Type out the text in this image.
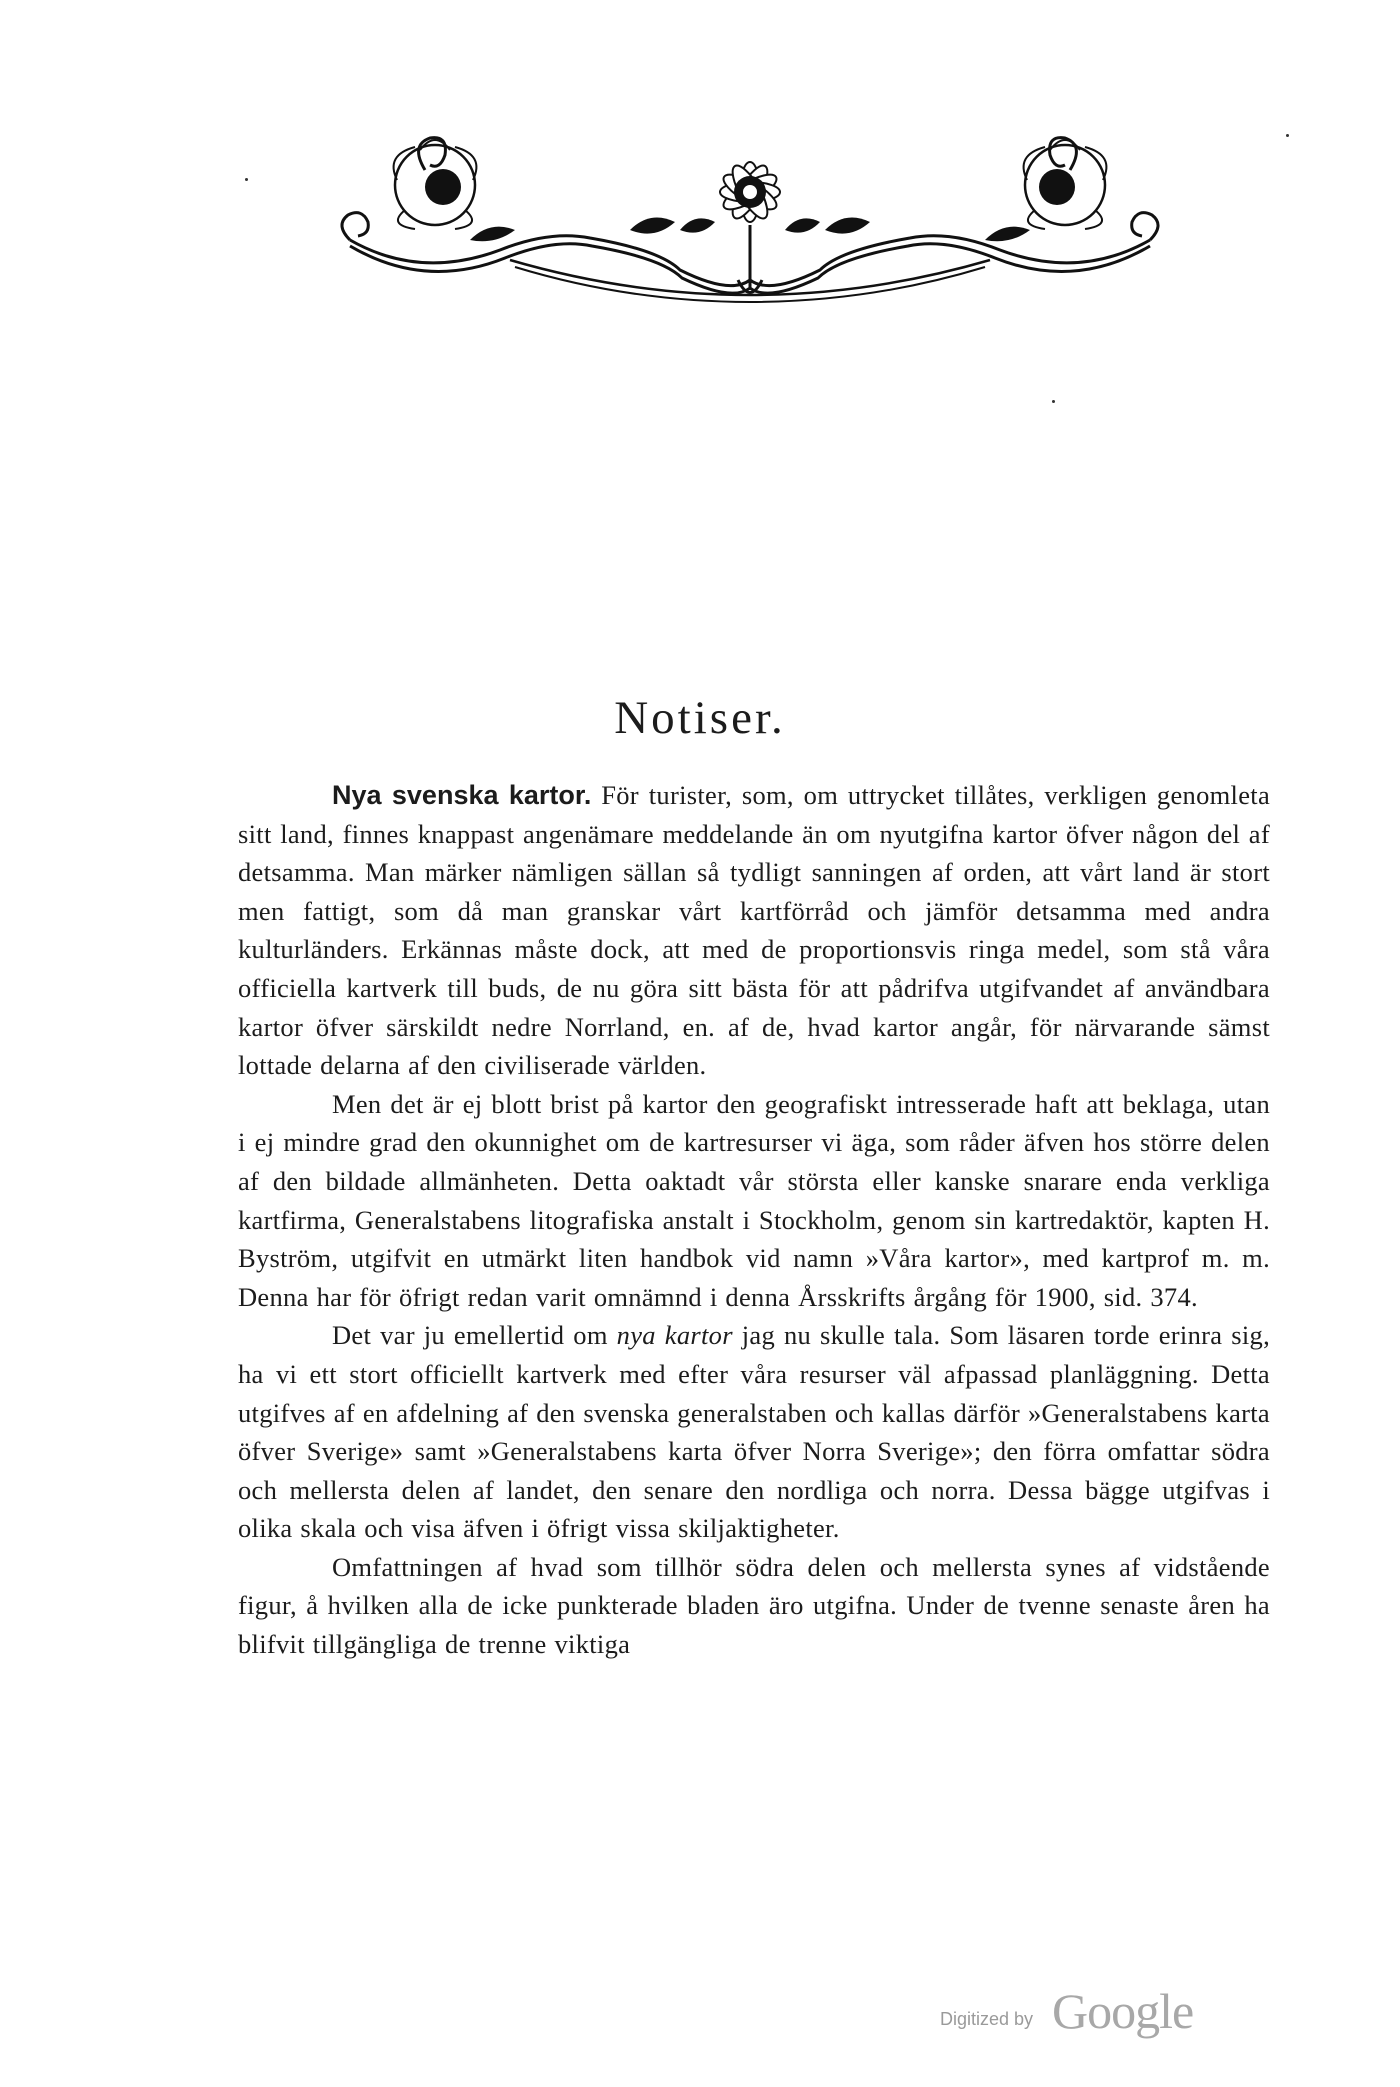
Notiser.

Nya svenska kartor. För turister, som, om uttrycket tillåtes, verkligen genomleta sitt land, finnes knappast angenämare meddelande än om nyutgifna kartor öfver någon del af detsamma. Man märker nämligen sällan så tydligt sanningen af orden, att vårt land är stort men fattigt, som då man granskar vårt kartförråd och jämför detsamma med andra kulturländers. Erkännas måste dock, att med de proportionsvis ringa medel, som stå våra officiella kartverk till buds, de nu göra sitt bästa för att pådrifva utgifvandet af användbara kartor öfver särskildt nedre Norrland, en. af de, hvad kartor angår, för närvarande sämst lottade delarna af den civiliserade världen.

Men det är ej blott brist på kartor den geografiskt intresserade haft att beklaga, utan i ej mindre grad den okunnighet om de kartresurser vi äga, som råder äfven hos större delen af den bildade allmänheten. Detta oaktadt vår största eller kanske snarare enda verkliga kartfirma, Generalstabens litografiska anstalt i Stockholm, genom sin kartredaktör, kapten H. Byström, utgifvit en utmärkt liten handbok vid namn »Våra kartor», med kartprof m. m. Denna har för öfrigt redan varit omnämnd i denna Årsskrifts årgång för 1900, sid. 374.

Det var ju emellertid om nya kartor jag nu skulle tala. Som läsaren torde erinra sig, ha vi ett stort officiellt kartverk med efter våra resurser väl afpassad planläggning. Detta utgifves af en afdelning af den svenska generalstaben och kallas därför »Generalstabens karta öfver Sverige» samt »Generalstabens karta öfver Norra Sverige»; den förra omfattar södra och mellersta delen af landet, den senare den nordliga och norra. Dessa bägge utgifvas i olika skala och visa äfven i öfrigt vissa skiljaktigheter.

Omfattningen af hvad som tillhör södra delen och mellersta synes af vidstående figur, å hvilken alla de icke punkterade bladen äro utgifna. Under de tvenne senaste åren ha blifvit tillgängliga de trenne viktiga

Digitized by Google
